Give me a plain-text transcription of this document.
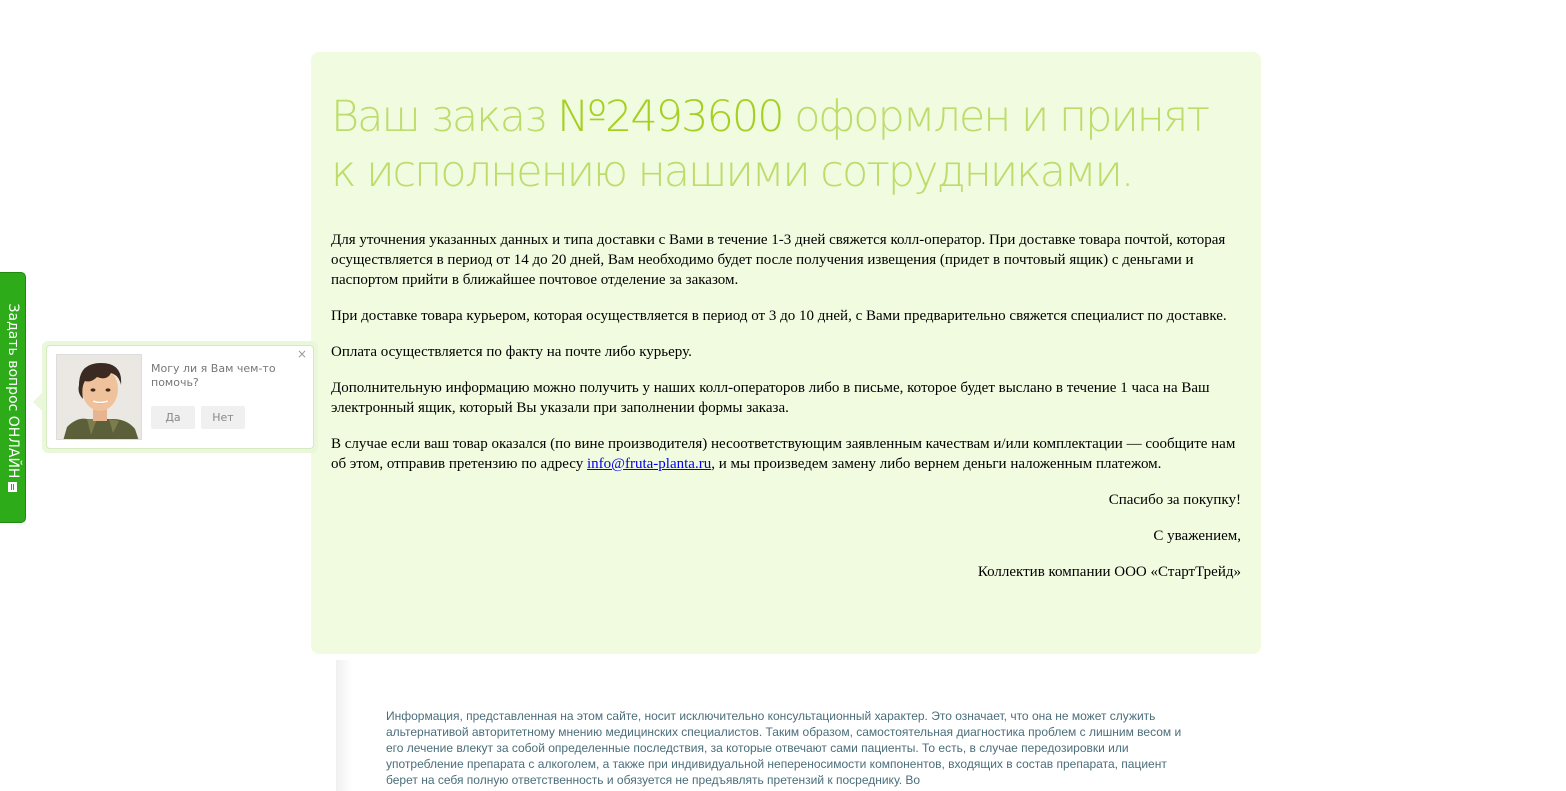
Ваш заказ №2493600 оформлен и принят
к исполнению нашими сотрудниками.

Для уточнения указанных данных и типа доставки с Вами в течение 1-3 дней свяжется колл-оператор. При доставке товара почтой, которая осуществляется в период от 14 до 20 дней, Вам необходимо будет после получения извещения (придет в почтовый ящик) с деньгами и паспортом прийти в ближайшее почтовое отделение за заказом.

При доставке товара курьером, которая осуществляется в период от 3 до 10 дней, с Вами предварительно свяжется специалист по доставке.

Оплата осуществляется по факту на почте либо курьеру.

Дополнительную информацию можно получить у наших колл-операторов либо в письме, которое будет выслано в течение 1 часа на Ваш электронный ящик, который Вы указали при заполнении формы заказа.

В случае если ваш товар оказался (по вине производителя) несоответствующим заявленным качествам и/или комплектации — сообщите нам об этом, отправив претензию по адресу info@fruta-planta.ru, и мы произведем замену либо вернем деньги наложенным платежом.

Спасибо за покупку!

С уважением,

Коллектив компании ООО «СтартТрейд»

Задать вопрос ОНЛАЙН	Могу ли я Вам чем-то помочь?
Да	Нет
×
Информация, представленная на этом сайте, носит исключительно консультационный характер. Это означает, что она не может служить альтернативой авторитетному мнению медицинских специалистов. Таким образом, самостоятельная диагностика проблем с лишним весом и его лечение влекут за собой определенные последствия, за которые отвечают сами пациенты. То есть, в случае передозировки или употребление препарата с алкоголем, а также при индивидуальной непереносимости компонентов, входящих в состав препарата, пациент берет на себя полную ответственность и обязуется не предъявлять претензий к посреднику. Во
